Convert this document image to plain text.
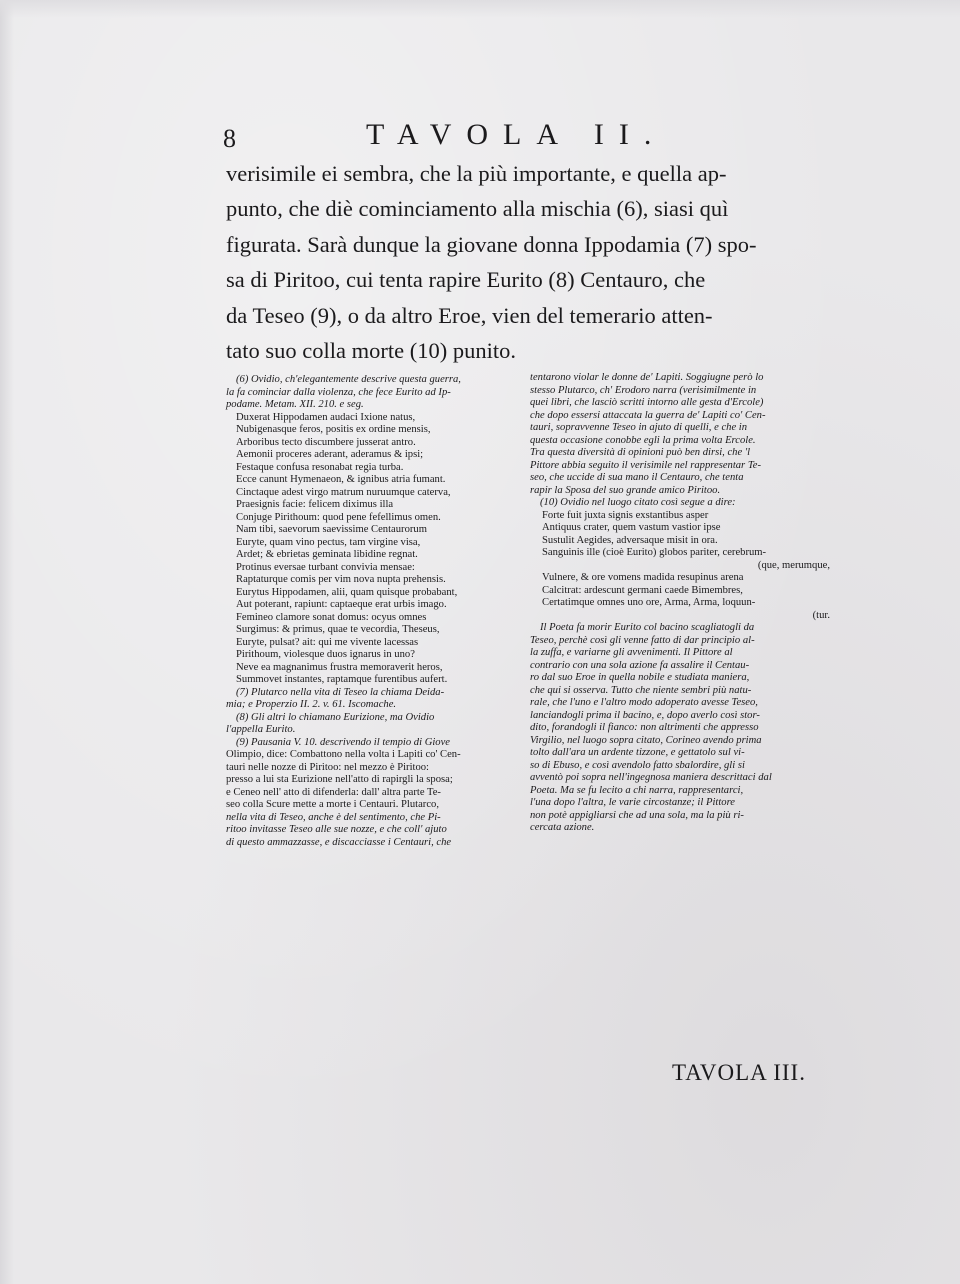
8	TAVOLA II.
verisimile ei sembra, che la più importante, e quella ap-
punto, che diè cominciamento alla mischia (6), siasi quì
figurata. Sarà dunque la giovane donna Ippodamia (7) spo-
sa di Piritoo, cui tenta rapire Eurito (8) Centauro, che
da Teseo (9), o da altro Eroe, vien del temerario atten-
tato suo colla morte (10) punito.
(6) Ovidio, ch'elegantemente descrive questa guerra,
la fa cominciar dalla violenza, che fece Eurito ad Ip-
podame. Metam. XII. 210. e seg.
Duxerat Hippodamen audaci Ixione natus,
Nubigenasque feros, positis ex ordine mensis,
Arboribus tecto discumbere jusserat antro.
Aemonii proceres aderant, aderamus & ipsi;
Festaque confusa resonabat regia turba.
Ecce canunt Hymenaeon, & ignibus atria fumant.
Cinctaque adest virgo matrum nuruumque caterva,
Praesignis facie: felicem diximus illa
Conjuge Pirithoum: quod pene fefellimus omen.
Nam tibi, saevorum saevissime Centaurorum
Euryte, quam vino pectus, tam virgine visa,
Ardet; & ebrietas geminata libidine regnat.
Protinus eversae turbant convivia mensae:
Raptaturque comis per vim nova nupta prehensis.
Eurytus Hippodamen, alii, quam quisque probabant,
Aut poterant, rapiunt: captaeque erat urbis imago.
Femineo clamore sonat domus: ocyus omnes
Surgimus: & primus, quae te vecordia, Theseus,
Euryte, pulsat? ait: qui me vivente lacessas
Pirithoum, violesque duos ignarus in uno?
Neve ea magnanimus frustra memoraverit heros,
Summovet instantes, raptamque furentibus aufert.
(7) Plutarco nella vita di Teseo la chiama Deida-
mia; e Properzio II. 2. v. 61. Iscomache.
(8) Gli altri lo chiamano Eurizione, ma Ovidio
l'appella Eurito.
(9) Pausania V. 10. descrivendo il tempio di Giove
Olimpio, dice: Combattono nella volta i Lapiti co' Cen-
tauri nelle nozze di Piritoo: nel mezzo è Piritoo:
presso a lui sta Eurizione nell'atto di rapirgli la sposa;
e Ceneo nell' atto di difenderla: dall' altra parte Te-
seo colla Scure mette a morte i Centauri. Plutarco,
nella vita di Teseo, anche è del sentimento, che Pi-
ritoo invitasse Teseo alle sue nozze, e che coll' ajuto
di questo ammazzasse, e discacciasse i Centauri, che
tentarono violar le donne de' Lapiti. Soggiugne però lo
stesso Plutarco, ch' Erodoro narra (verisimilmente in
quei libri, che lasciò scritti intorno alle gesta d'Ercole)
che dopo essersi attaccata la guerra de' Lapiti co' Cen-
tauri, sopravvenne Teseo in ajuto di quelli, e che in
questa occasione conobbe egli la prima volta Ercole.
Tra questa diversità di opinioni può ben dirsi, che 'l
Pittore abbia seguito il verisimile nel rappresentar Te-
seo, che uccide di sua mano il Centauro, che tenta
rapir la Sposa del suo grande amico Piritoo.
(10) Ovidio nel luogo citato così segue a dire:
Forte fuit juxta signis exstantibus asper
Antiquus crater, quem vastum vastior ipse
Sustulit Aegides, adversaque misit in ora.
Sanguinis ille (cioè Eurito) globos pariter, cerebrum-
(que, merumque,
Vulnere, & ore vomens madida resupinus arena
Calcitrat: ardescunt germani caede Bimembres,
Certatimque omnes uno ore, Arma, Arma, loquun-
(tur.
Il Poeta fa morir Eurito col bacino scagliatogli da
Teseo, perchè così gli venne fatto di dar principio al-
la zuffa, e variarne gli avvenimenti. Il Pittore al
contrario con una sola azione fa assalire il Centau-
ro dal suo Eroe in quella nobile e studiata maniera,
che qui si osserva. Tutto che niente sembri più natu-
rale, che l'uno e l'altro modo adoperato avesse Teseo,
lanciandogli prima il bacino, e, dopo averlo così stor-
dito, forandogli il fianco: non altrimenti che appresso
Virgilio, nel luogo sopra citato, Corineo avendo prima
tolto dall'ara un ardente tizzone, e gettatolo sul vi-
so di Ebuso, e così avendolo fatto sbalordire, gli si
avventò poi sopra nell'ingegnosa maniera descrittaci dal
Poeta. Ma se fu lecito a chi narra, rappresentarci,
l'una dopo l'altra, le varie circostanze; il Pittore
non potè appigliarsi che ad una sola, ma la più ri-
cercata azione.
TAVOLA III.
